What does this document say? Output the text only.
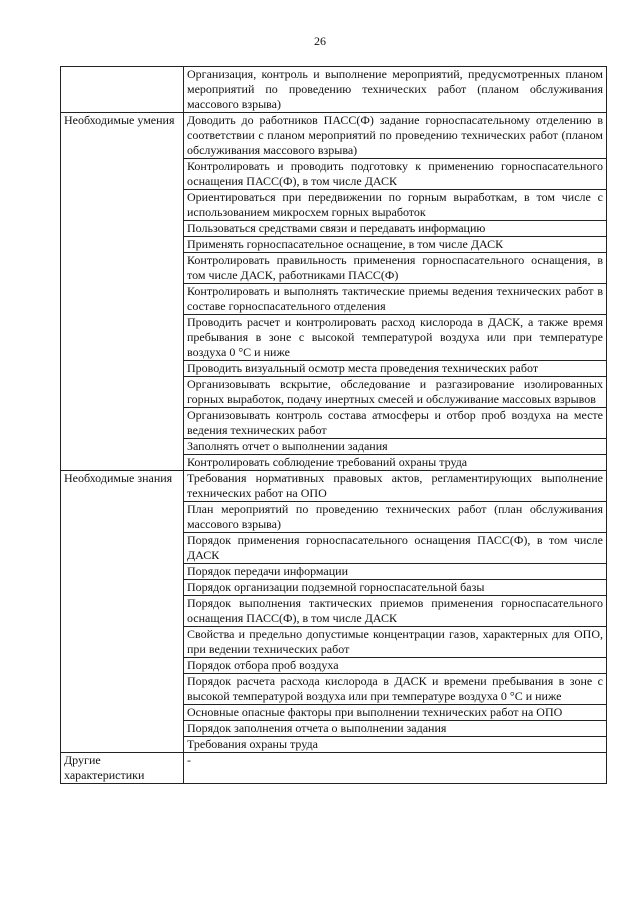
26
	Организация, контроль и выполнение мероприятий, предусмотренных планом мероприятий по проведению технических работ (планом обслуживания массового взрыва)
Необходимые умения	Доводить до работников ПАСС(Ф) задание горноспасательному отделению в соответствии с планом мероприятий по проведению технических работ (планом обслуживания массового взрыва)
	Контролировать и проводить подготовку к применению горноспасательного оснащения ПАСС(Ф), в том числе ДАСК
	Ориентироваться при передвижении по горным выработкам, в том числе с использованием микросхем горных выработок
	Пользоваться средствами связи и передавать информацию
	Применять горноспасательное оснащение, в том числе ДАСК
	Контролировать правильность применения горноспасательного оснащения, в том числе ДАСК, работниками ПАСС(Ф)
	Контролировать и выполнять тактические приемы ведения технических работ в составе горноспасательного отделения
	Проводить расчет и контролировать расход кислорода в ДАСК, а также время пребывания в зоне с высокой температурой воздуха или при температуре воздуха 0 °С и ниже
	Проводить визуальный осмотр места проведения технических работ
	Организовывать вскрытие, обследование и разгазирование изолированных горных выработок, подачу инертных смесей и обслуживание массовых взрывов
	Организовывать контроль состава атмосферы и отбор проб воздуха на месте ведения технических работ
	Заполнять отчет о выполнении задания
	Контролировать соблюдение требований охраны труда
Необходимые знания	Требования нормативных правовых актов, регламентирующих выполнение технических работ на ОПО
	План мероприятий по проведению технических работ (план обслуживания массового взрыва)
	Порядок применения горноспасательного оснащения ПАСС(Ф), в том числе ДАСК
	Порядок передачи информации
	Порядок организации подземной горноспасательной базы
	Порядок выполнения тактических приемов применения горноспасательного оснащения ПАСС(Ф), в том числе ДАСК
	Свойства и предельно допустимые концентрации газов, характерных для ОПО, при ведении технических работ
	Порядок отбора проб воздуха
	Порядок расчета расхода кислорода в ДАСК и времени пребывания в зоне с высокой температурой воздуха или при температуре воздуха 0 °С и ниже
	Основные опасные факторы при выполнении технических работ на ОПО
	Порядок заполнения отчета о выполнении задания
	Требования охраны труда
Другие характеристики	-
